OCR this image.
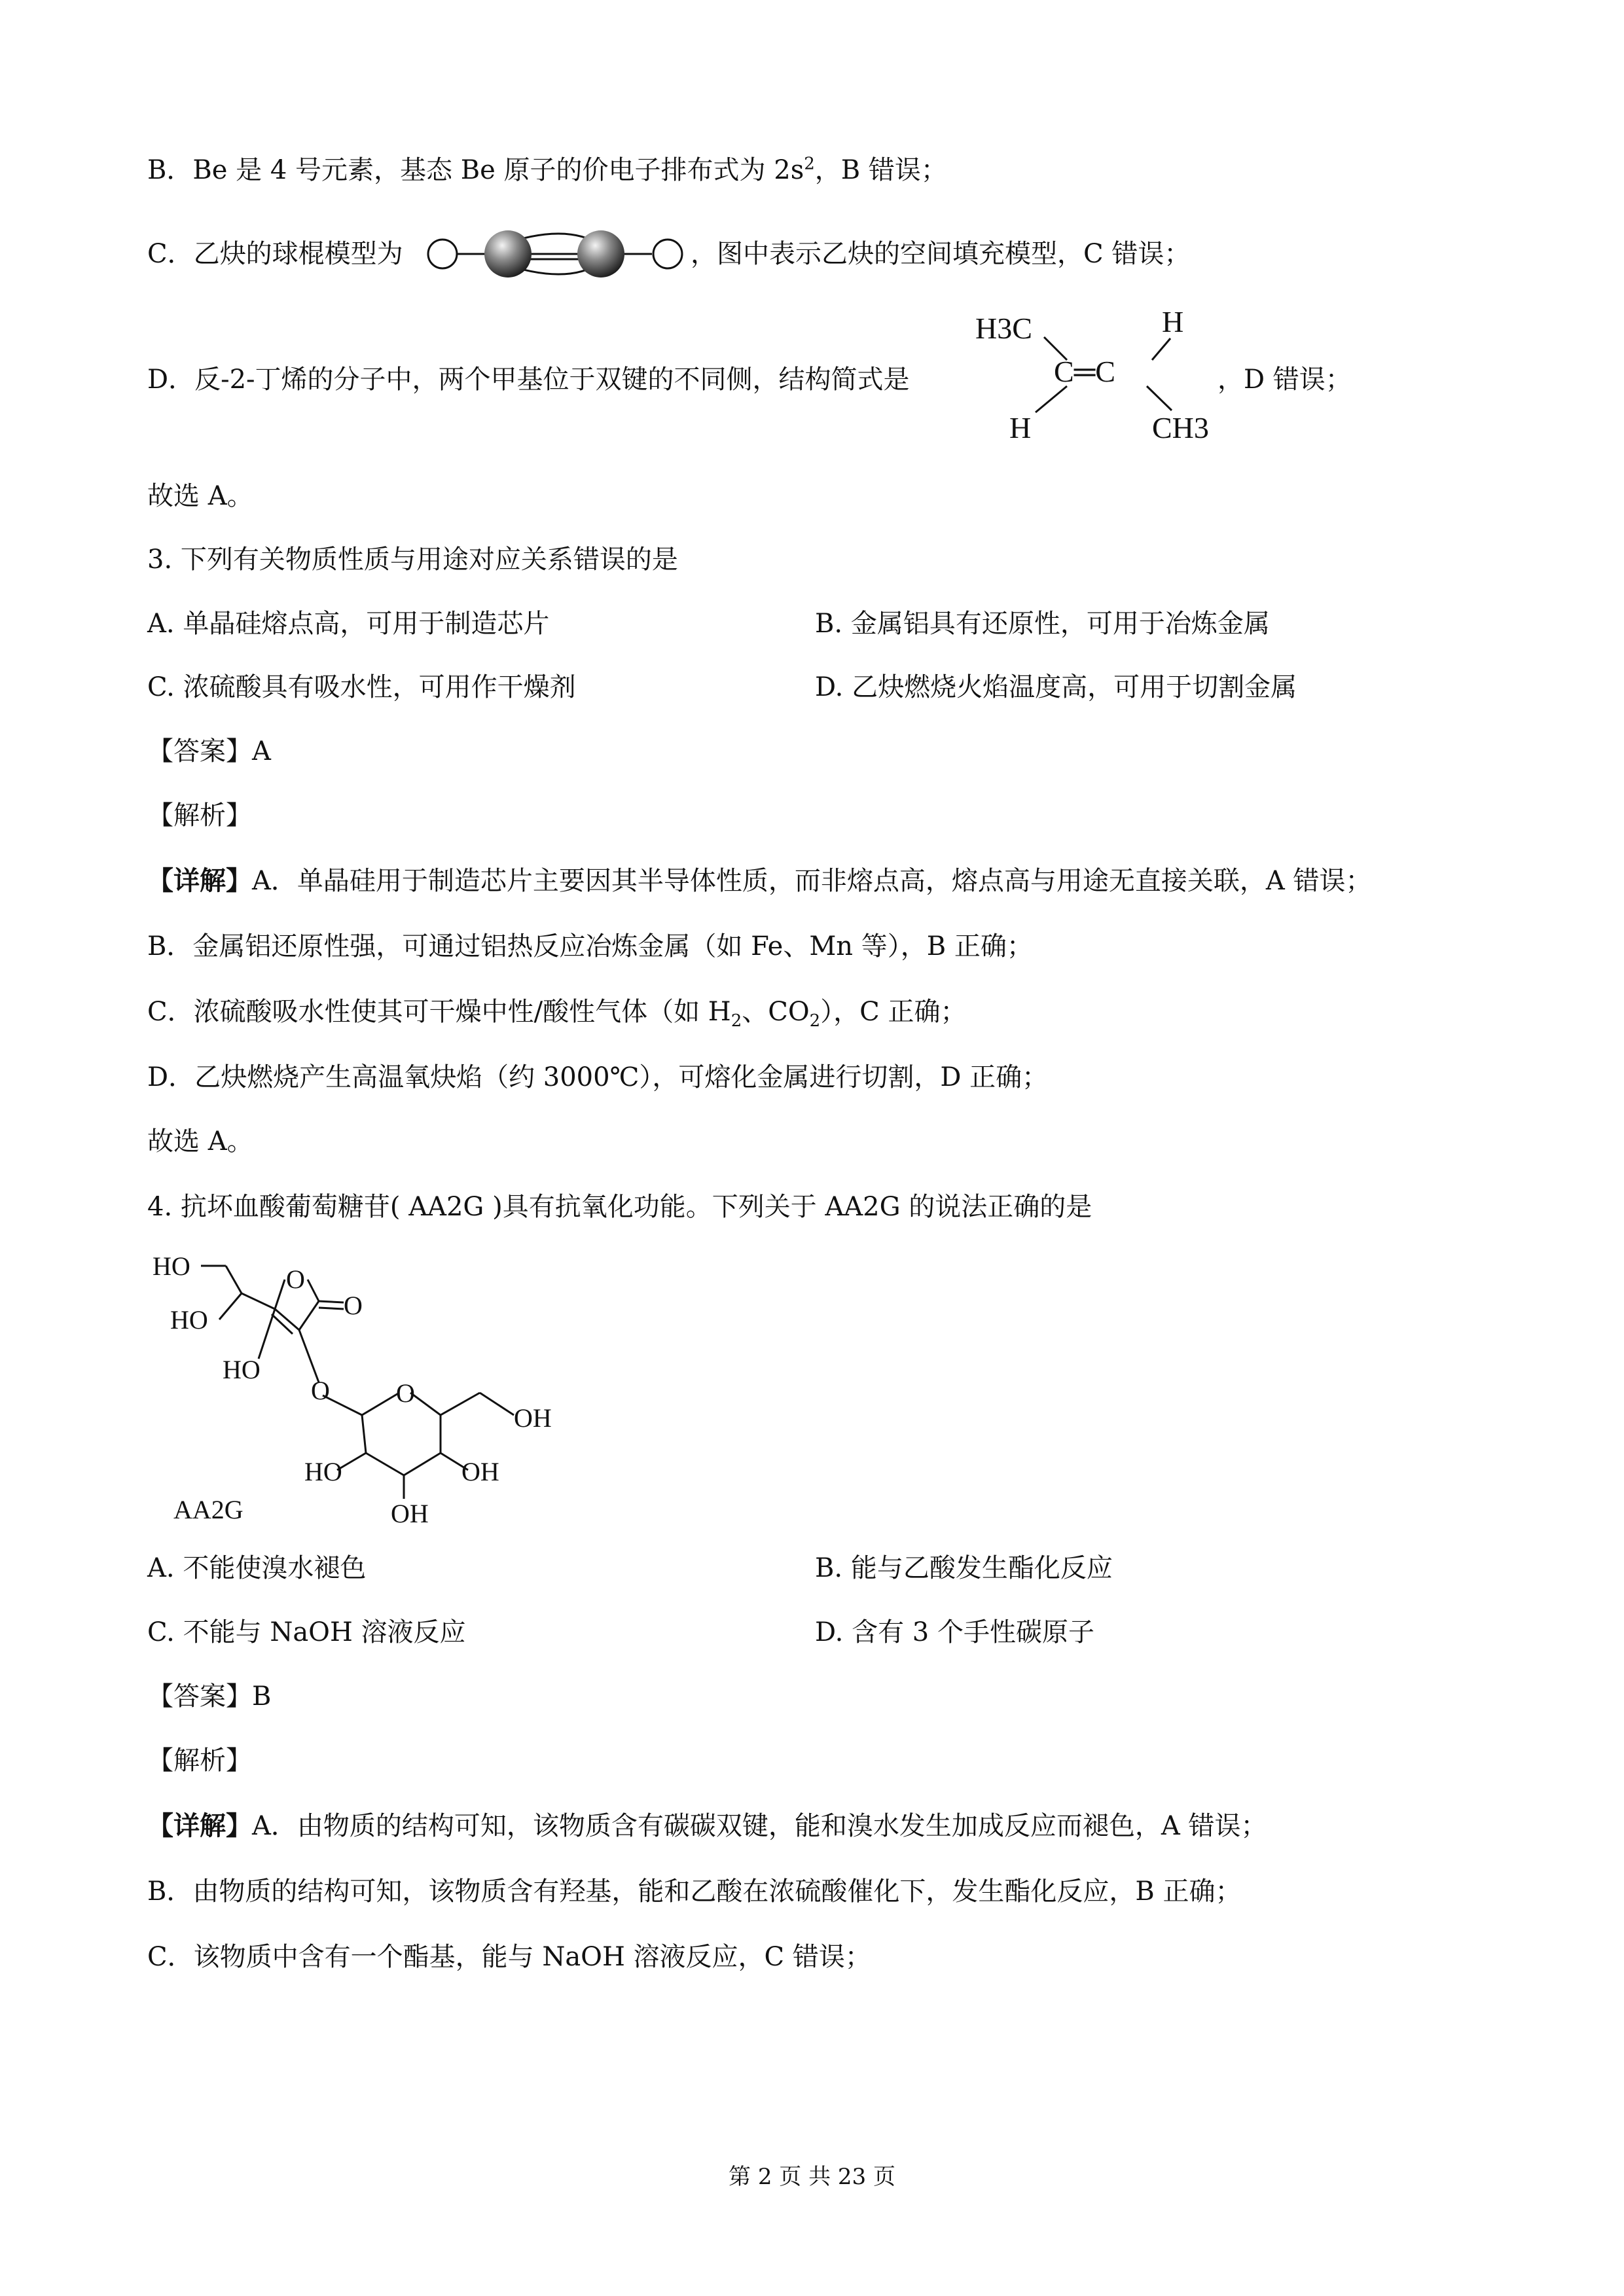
B．Be 是 4 号元素，基态 Be 原子的价电子排布式为 $2s^2$，B 错误；
C．乙炔的球棍模型为	，图中表示乙炔的空间填充模型，C 错误；
D．反-2-丁烯的分子中，两个甲基位于双键的不同侧，结构简式是
H3C	H
C═C
H	CH3
，D 错误；
故选 A。
3. 下列有关物质性质与用途对应关系错误的是
A. 单晶硅熔点高，可用于制造芯片	B. 金属铝具有还原性，可用于冶炼金属
C. 浓硫酸具有吸水性，可用作干燥剂	D. 乙炔燃烧火焰温度高，可用于切割金属
【答案】A
【解析】
【详解】A．单晶硅用于制造芯片主要因其半导体性质，而非熔点高，熔点高与用途无直接关联，A 错误；
B．金属铝还原性强，可通过铝热反应冶炼金属（如 Fe、Mn 等），B 正确；
C．浓硫酸吸水性使其可干燥中性/酸性气体（如 $H_2$、$CO_2$），C 正确；
D．乙炔燃烧产生高温氧炔焰（约 3000℃），可熔化金属进行切割，D 正确；
故选 A。
4. 抗坏血酸葡萄糖苷( AA2G )具有抗氧化功能。下列关于 AA2G 的说法正确的是
HO
HO
O
O
HO
O	O
OH
HO	OH
OH
AA2G
A. 不能使溴水褪色	B. 能与乙酸发生酯化反应
C. 不能与 NaOH 溶液反应	D. 含有 3 个手性碳原子
【答案】B
【解析】
【详解】A．由物质的结构可知，该物质含有碳碳双键，能和溴水发生加成反应而褪色，A 错误；
B．由物质的结构可知，该物质含有羟基，能和乙酸在浓硫酸催化下，发生酯化反应，B 正确；
C．该物质中含有一个酯基，能与 NaOH 溶液反应，C 错误；
第 2 页 共 23 页
